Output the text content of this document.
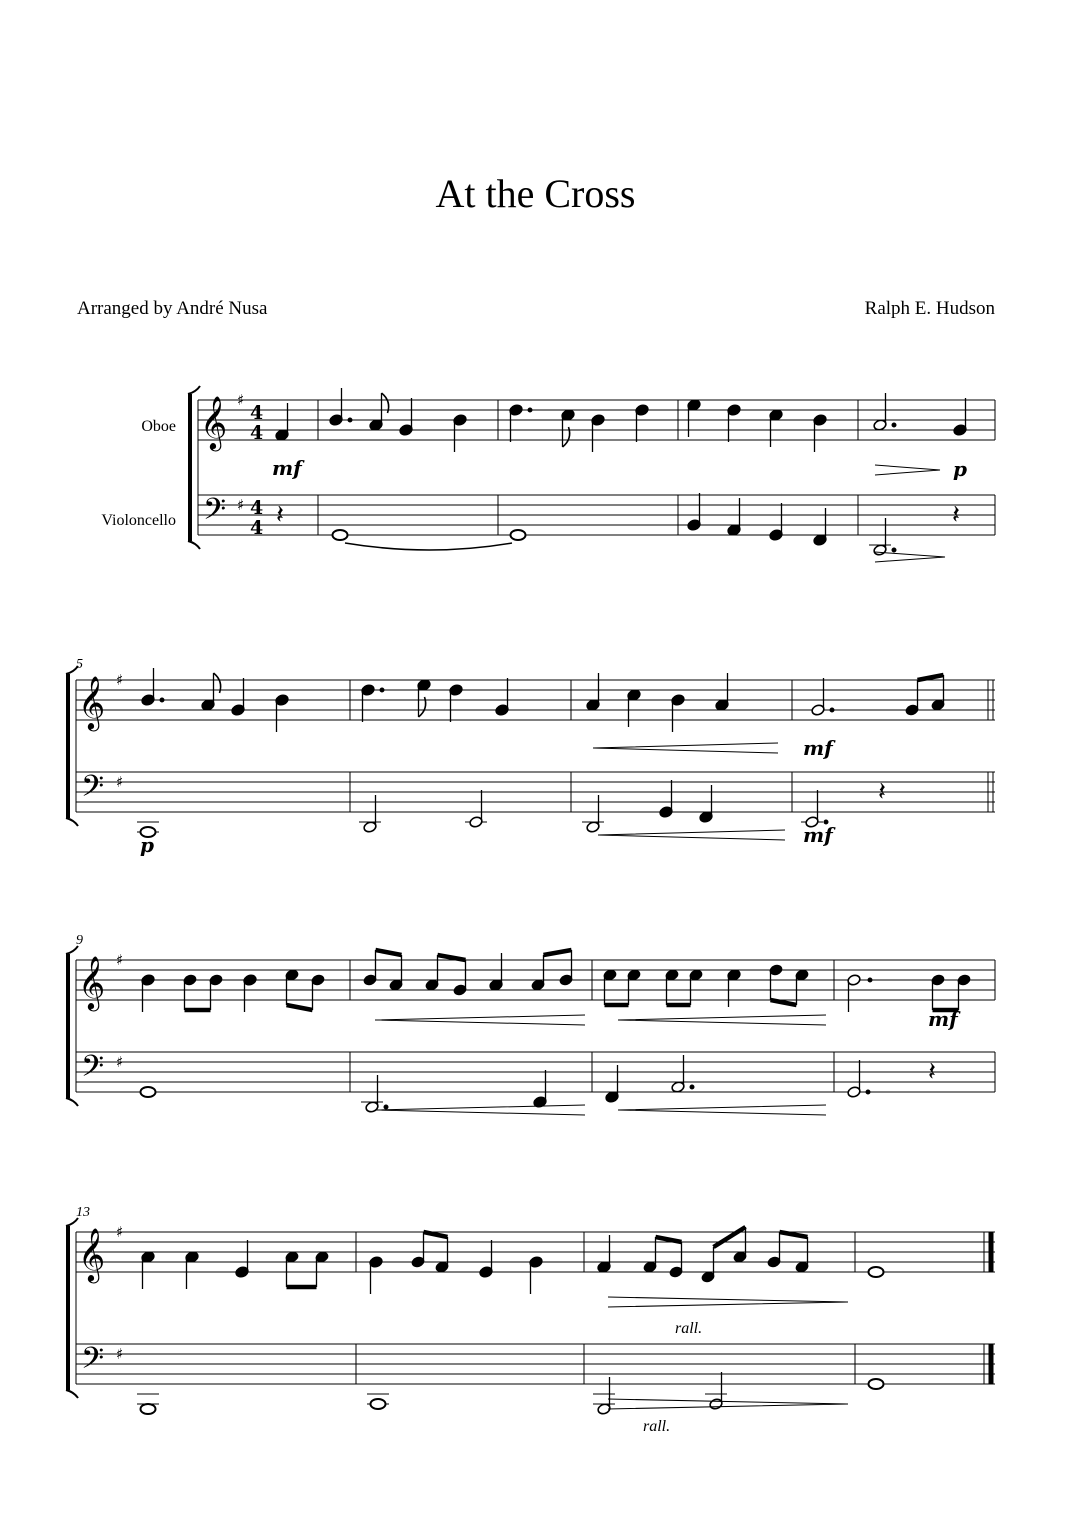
At the Cross
Arranged by André Nusa	Ralph E. Hudson
Oboe
Violoncello
𝄞
𝄢
♯
♯
4
4
4
4
mf	p
𝄽	𝄽
5
𝄞
𝄢
♯
♯
mf
p
𝄽
mf
9
𝄞
𝄢
♯
♯
mf
𝄽
13
𝄞
𝄢
♯
♯
rall.
rall.
